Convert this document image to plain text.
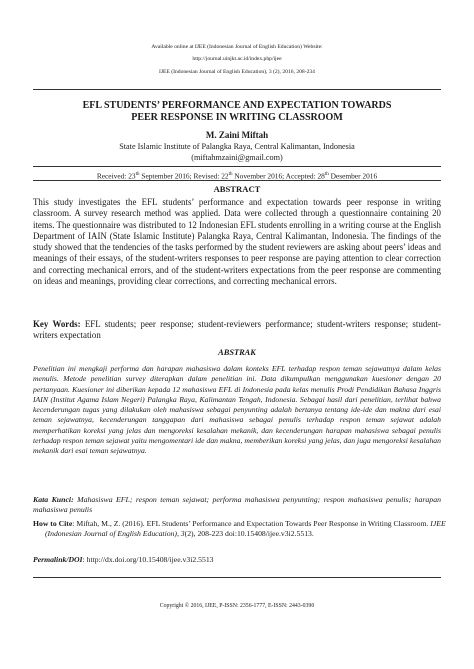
Available online at IJEE (Indonesian Journal of English Education) Website:
http://journal.uinjkt.ac.id/index.php/ijee
IJEE (Indonesian Journal of English Education), 3 (2), 2016, 208-234
EFL STUDENTS’ PERFORMANCE AND EXPECTATION TOWARDS
PEER RESPONSE IN WRITING CLASSROOM
M. Zaini Miftah
State Islamic Institute of Palangka Raya, Central Kalimantan, Indonesia
(miftahmzaini@gmail.com)
Received: 23th September 2016; Revised: 22th November 2016; Accepted: 28th Desember 2016
ABSTRACT
This study investigates the EFL students’ performance and expectation towards peer response in writing classroom. A survey research method was applied. Data were collected through a questionnaire containing 20 items. The questionnaire was distributed to 12 Indonesian EFL students enrolling in a writing course at the English Department of IAIN (State Islamic Institute) Palangka Raya, Central Kalimantan, Indonesia. The findings of the study showed that the tendencies of the tasks performed by the student reviewers are asking about peers’ ideas and meanings of their essays, of the student-writers responses to peer response are paying attention to clear correction and correcting mechanical errors, and of the student-writers expectations from the peer response are commenting on ideas and meanings, providing clear corrections, and correcting mechanical errors.
Key Words: EFL students; peer response; student-reviewers performance; student-writers response; student-writers expectation
ABSTRAK
Penelitian ini mengkaji performa dan harapan mahasiswa dalam konteks EFL terhadap respon teman sejawatnya dalam kelas menulis. Metode penelitian survey diterapkan dalam penelitian ini. Data dikumpulkan menggunakan kuesioner dengan 20 pertanyaan. Kuesioner ini diberikan kepada 12 mahasiswa EFL di Indonesia pada kelas menulis Prodi Pendidikan Bahasa Inggris IAIN (Institut Agama Islam Negeri) Palangka Raya, Kalimantan Tengah, Indonesia. Sebagai hasil dari penelitian, terlihat bahwa kecenderungan tugas yang dilakukan oleh mahasiswa sebagai penyunting adalah bertanya tentang ide-ide dan makna dari esai teman sejawatnya, kecenderungan tanggapan dari mahasiswa sebagai penulis terhadap respon teman sejawat adalah memperhatikan koreksi yang jelas dan mengoreksi kesalahan mekanik, dan kecenderungan harapan mahasiswa sebagai penulis terhadap respon teman sejawat yaitu mengomentari ide dan makna, memberikan koreksi yang jelas, dan juga mengoreksi kesalahan mekanik dari esai teman sejawatnya.
Kata Kunci: Mahasiswa EFL; respon teman sejawat; performa mahasiswa penyunting; respon mahasiswa penulis; harapan mahasiswa penulis
How to Cite: Miftah, M., Z. (2016). EFL Students’ Performance and Expectation Towards Peer Response in Writing Classroom. IJEE (Indonesian Journal of English Education), 3(2), 208-223 doi:10.15408/ijee.v3i2.5513.
Permalink/DOI: http://dx.doi.org/10.15408/ijee.v3i2.5513
Copyright © 2016, IJEE, P-ISSN: 2356-1777, E-ISSN: 2443-0390
